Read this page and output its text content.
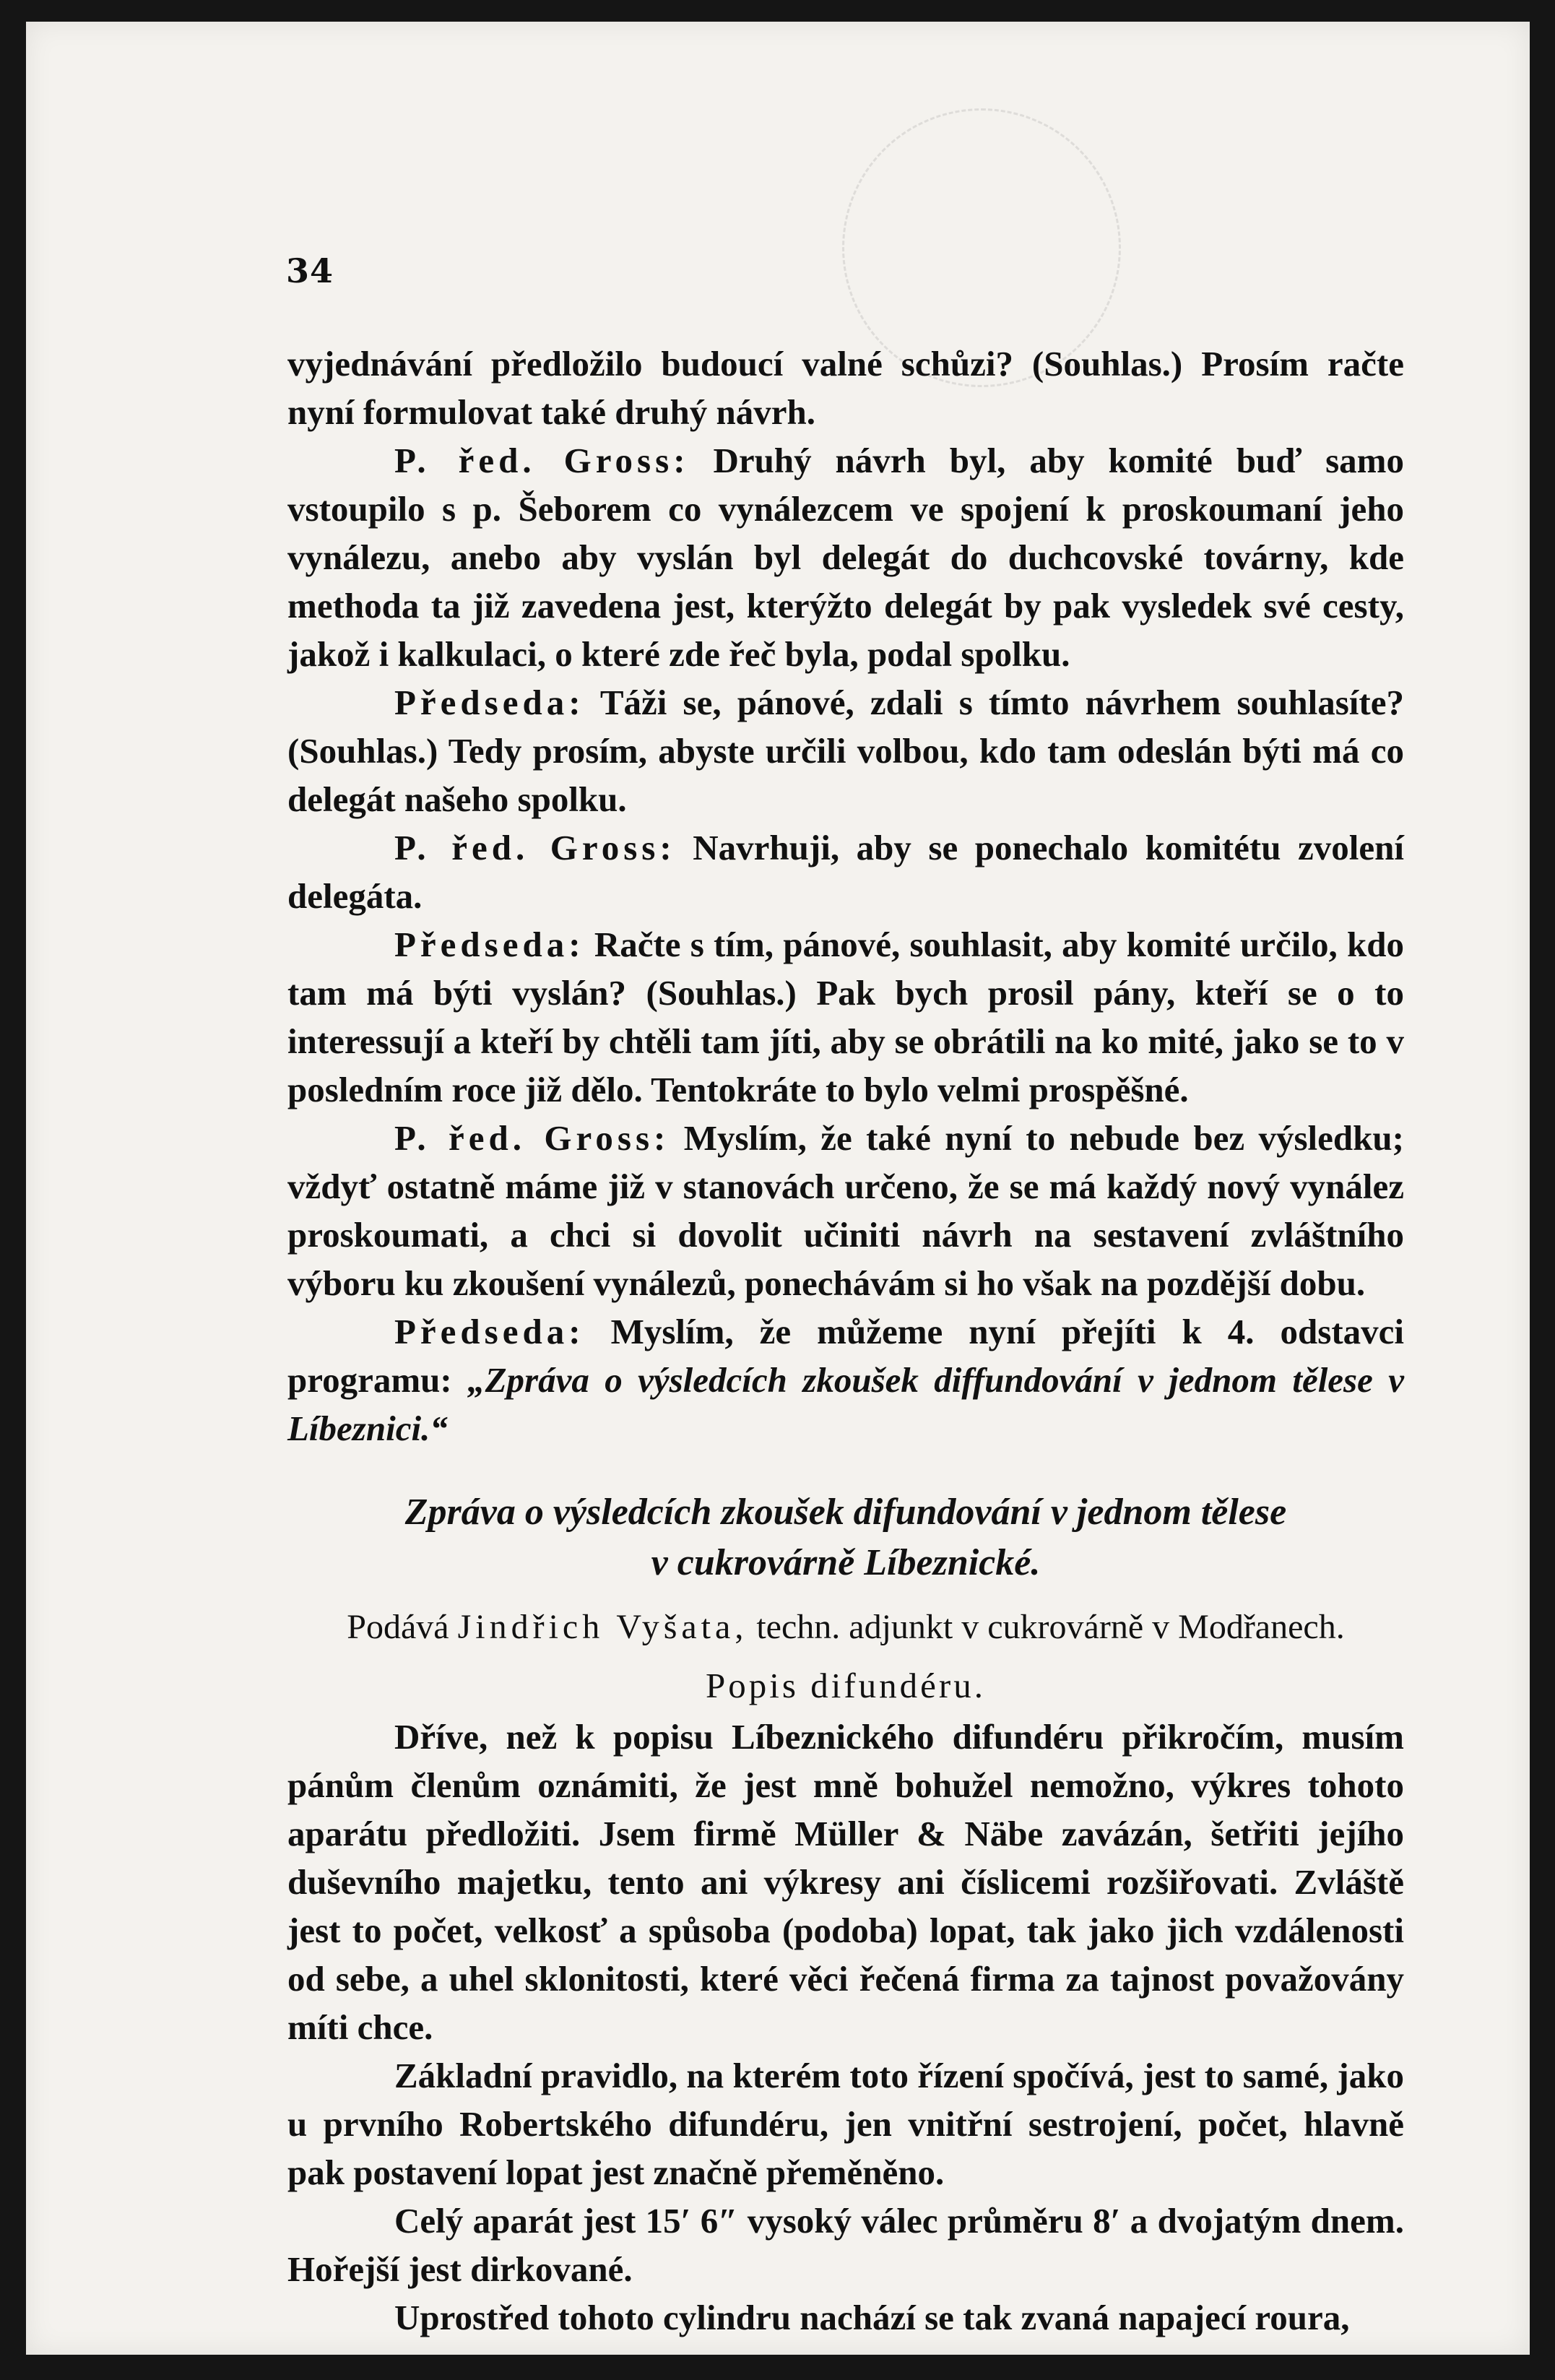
34

vyjednávání předložilo budoucí valné schůzi? (Souhlas.) Prosím račte nyní formulovat také druhý návrh.

P. řed. Gross: Druhý návrh byl, aby komité buď samo vstoupilo s p. Šeborem co vynálezcem ve spojení k proskoumaní jeho vynálezu, anebo aby vyslán byl delegát do duchcovské továrny, kde methoda ta již zavedena jest, kterýžto delegát by pak vysledek své cesty, jakož i kalkulaci, o které zde řeč byla, podal spolku.

Předseda: Táži se, pánové, zdali s tímto návrhem souhlasíte? (Souhlas.) Tedy prosím, abyste určili volbou, kdo tam odeslán býti má co delegát našeho spolku.

P. řed. Gross: Navrhuji, aby se ponechalo komitétu zvolení delegáta.

Předseda: Račte s tím, pánové, souhlasit, aby komité určilo, kdo tam má býti vyslán? (Souhlas.) Pak bych prosil pány, kteří se o to interessují a kteří by chtěli tam jíti, aby se obrátili na ko mité, jako se to v posledním roce již dělo. Tentokráte to bylo velmi prospěšné.

P. řed. Gross: Myslím, že také nyní to nebude bez výsledku; vždyť ostatně máme již v stanovách určeno, že se má každý nový vynález proskoumati, a chci si dovolit učiniti návrh na sestavení zvláštního výboru ku zkoušení vynálezů, ponechávám si ho však na pozdější dobu.

Předseda: Myslím, že můžeme nyní přejíti k 4. odstavci programu: „Zpráva o výsledcích zkoušek diffundování v jednom tělese v Líbeznici.“

Zpráva o výsledcích zkoušek difundování v jednom tělese
v cukrovárně Líbeznické.

Podává Jindřich Vyšata, techn. adjunkt v cukrovárně v Modřanech.

Popis difundéru.

Dříve, než k popisu Líbeznického difundéru přikročím, musím pánům členům oznámiti, že jest mně bohužel nemožno, výkres tohoto aparátu předložiti. Jsem firmě Müller & Näbe zavázán, šetřiti jejího duševního majetku, tento ani výkresy ani číslicemi rozšiřovati. Zvláště jest to počet, velkosť a spůsoba (podoba) lopat, tak jako jich vzdálenosti od sebe, a uhel sklonitosti, které věci řečená firma za tajnost považovány míti chce.

Základní pravidlo, na kterém toto řízení spočívá, jest to samé, jako u prvního Robertského difundéru, jen vnitřní sestrojení, počet, hlavně pak postavení lopat jest značně přeměněno.

Celý aparát jest 15′ 6″ vysoký válec průměru 8′ a dvojatým dnem. Hořejší jest dirkované.

Uprostřed tohoto cylindru nachází se tak zvaná napajecí roura,
